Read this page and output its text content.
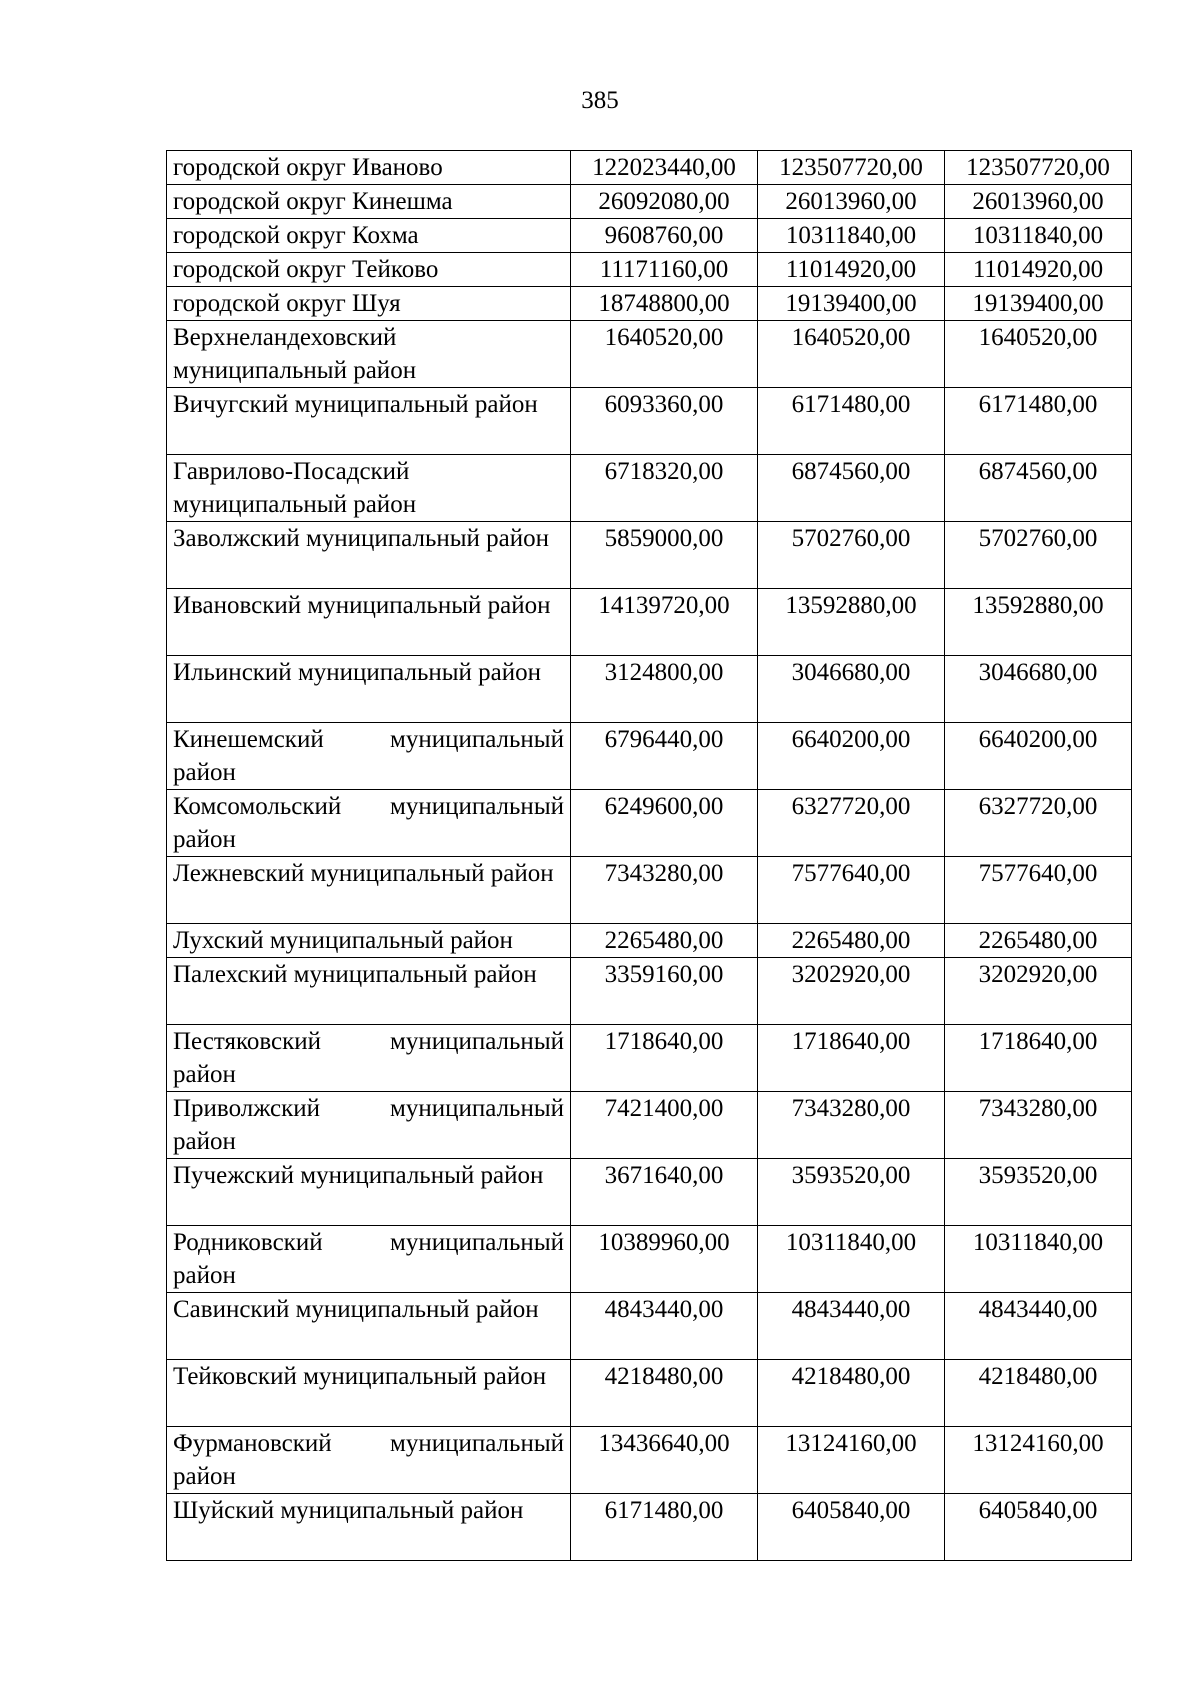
385
городской округ Иваново	122023440,00	123507720,00	123507720,00
городской округ Кинешма	26092080,00	26013960,00	26013960,00
городской округ Кохма	9608760,00	10311840,00	10311840,00
городской округ Тейково	11171160,00	11014920,00	11014920,00
городской округ Шуя	18748800,00	19139400,00	19139400,00
Верхнеландеховский муниципальный район	1640520,00	1640520,00	1640520,00
Вичугский муниципальный район	6093360,00	6171480,00	6171480,00
Гаврилово-Посадский муниципальный район	6718320,00	6874560,00	6874560,00
Заволжский муниципальный район	5859000,00	5702760,00	5702760,00
Ивановский муниципальный район	14139720,00	13592880,00	13592880,00
Ильинский муниципальный район	3124800,00	3046680,00	3046680,00
Кинешемский муниципальный район	6796440,00	6640200,00	6640200,00
Комсомольский муниципальный район	6249600,00	6327720,00	6327720,00
Лежневский муниципальный район	7343280,00	7577640,00	7577640,00
Лухский муниципальный район	2265480,00	2265480,00	2265480,00
Палехский муниципальный район	3359160,00	3202920,00	3202920,00
Пестяковский муниципальный район	1718640,00	1718640,00	1718640,00
Приволжский муниципальный район	7421400,00	7343280,00	7343280,00
Пучежский муниципальный район	3671640,00	3593520,00	3593520,00
Родниковский муниципальный район	10389960,00	10311840,00	10311840,00
Савинский муниципальный район	4843440,00	4843440,00	4843440,00
Тейковский муниципальный район	4218480,00	4218480,00	4218480,00
Фурмановский муниципальный район	13436640,00	13124160,00	13124160,00
Шуйский муниципальный район	6171480,00	6405840,00	6405840,00
